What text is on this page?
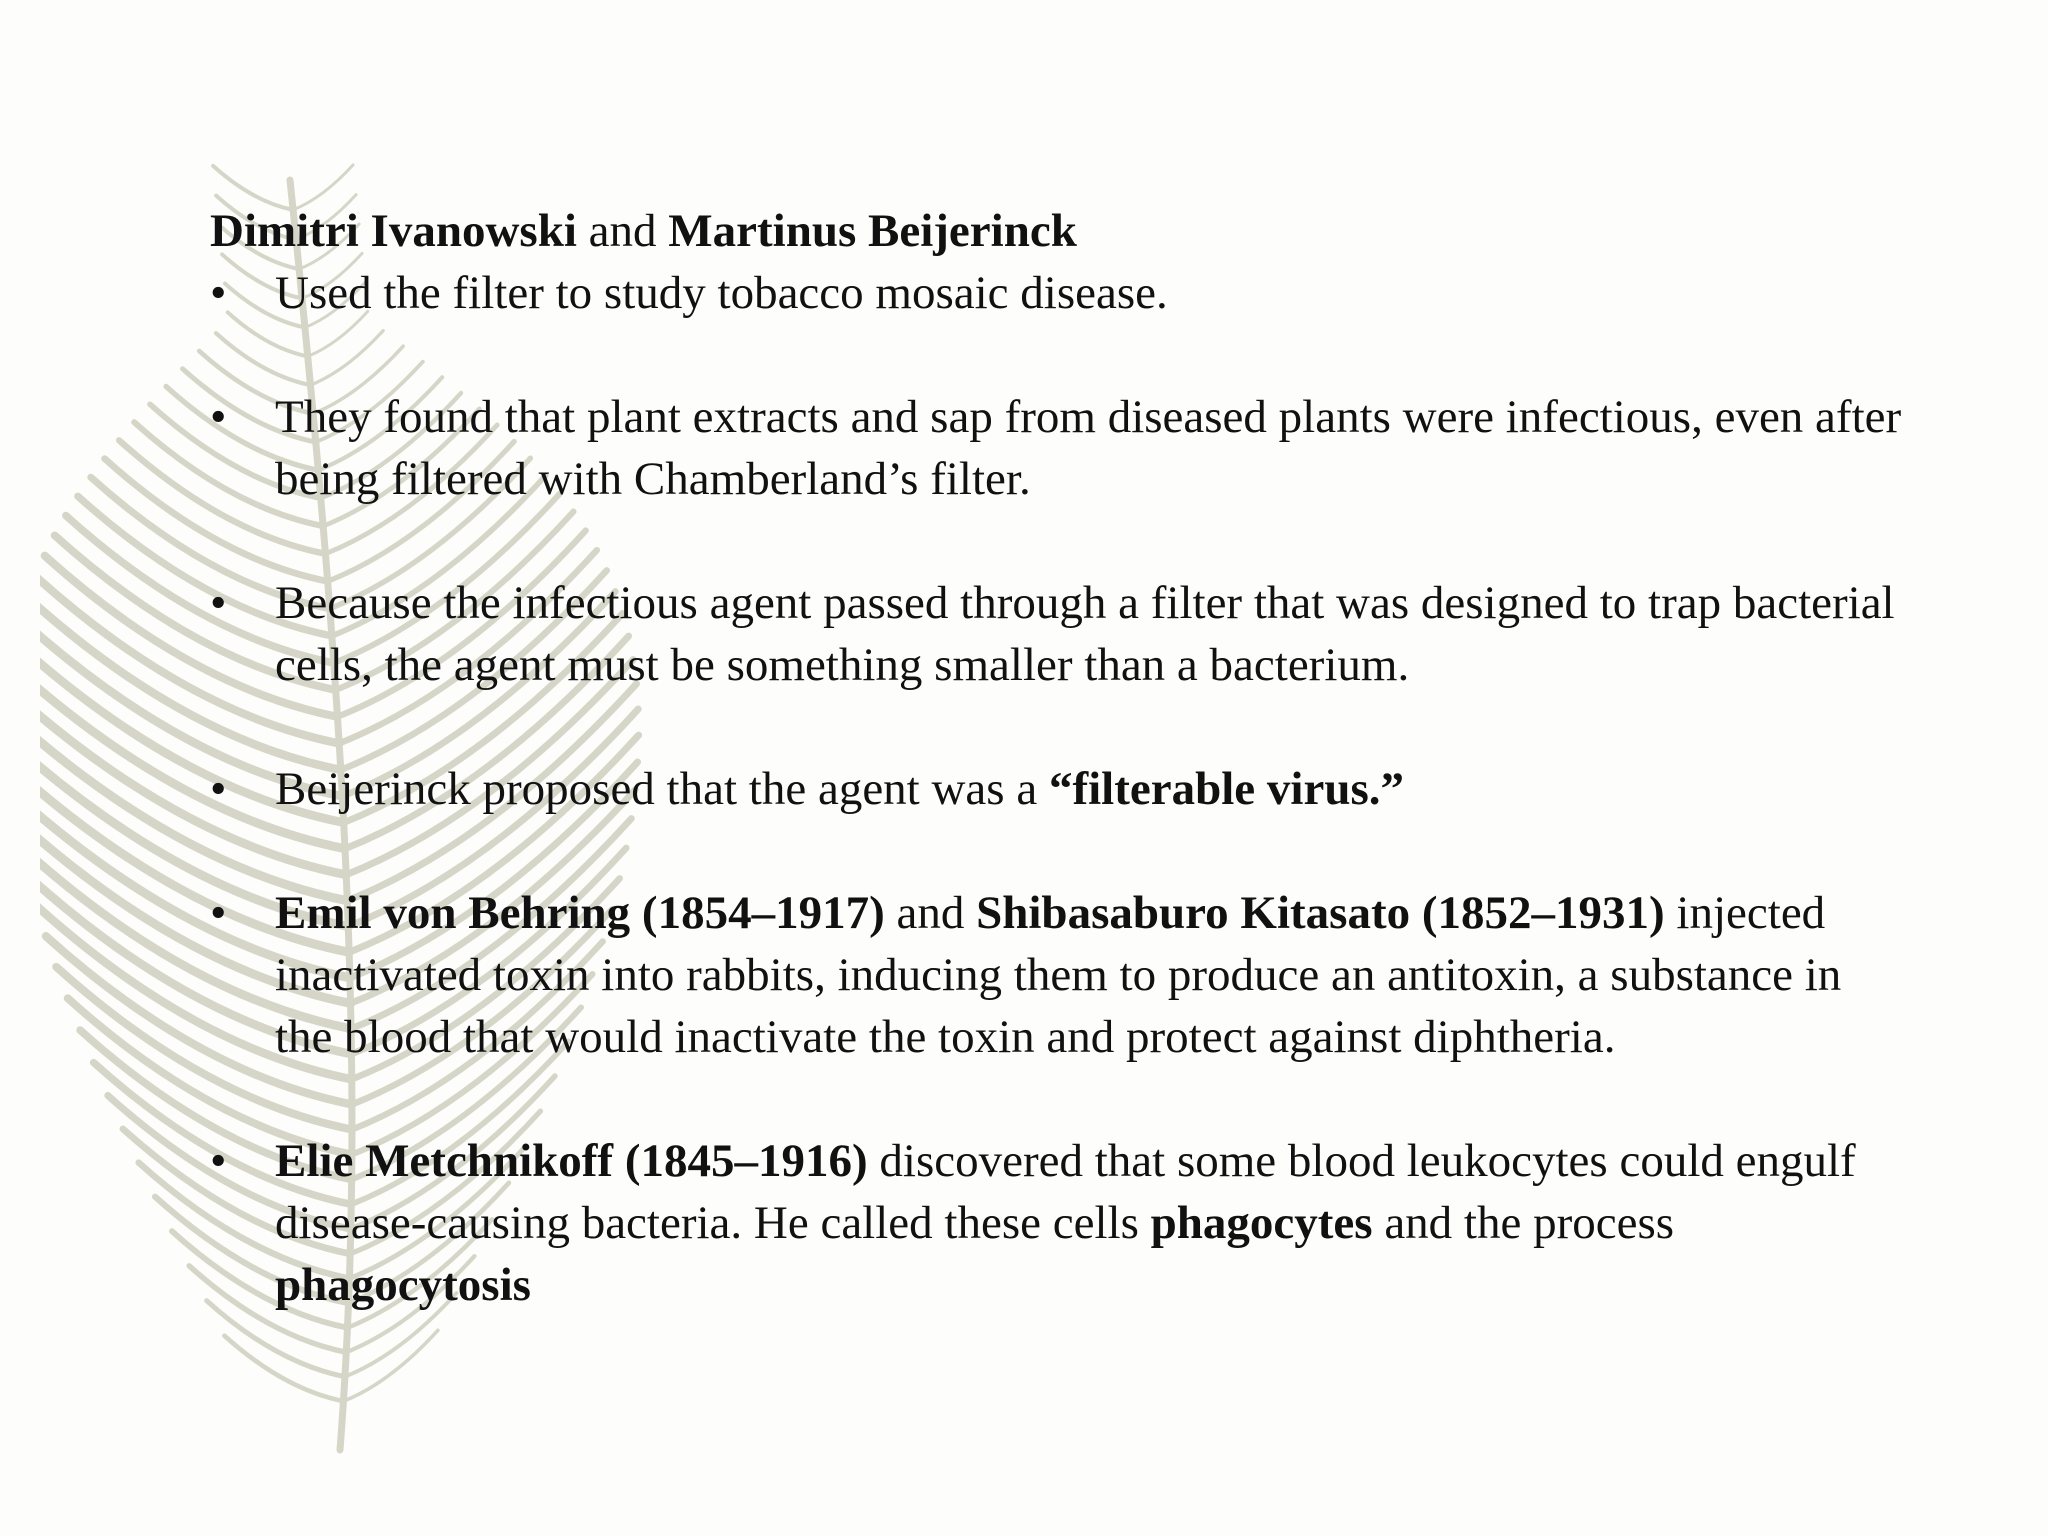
Dimitri Ivanowski and Martinus Beijerinck
• Used the filter to study tobacco mosaic disease.
• They found that plant extracts and sap from diseased plants were infectious, even after being filtered with Chamberland’s filter.
• Because the infectious agent passed through a filter that was designed to trap bacterial cells, the agent must be something smaller than a bacterium.
• Beijerinck proposed that the agent was a “filterable virus.”
• Emil von Behring (1854–1917) and Shibasaburo Kitasato (1852–1931) injected inactivated toxin into rabbits, inducing them to produce an antitoxin, a substance in the blood that would inactivate the toxin and protect against diphtheria.
• Elie Metchnikoff (1845–1916) discovered that some blood leukocytes could engulf disease-causing bacteria. He called these cells phagocytes and the process phagocytosis
